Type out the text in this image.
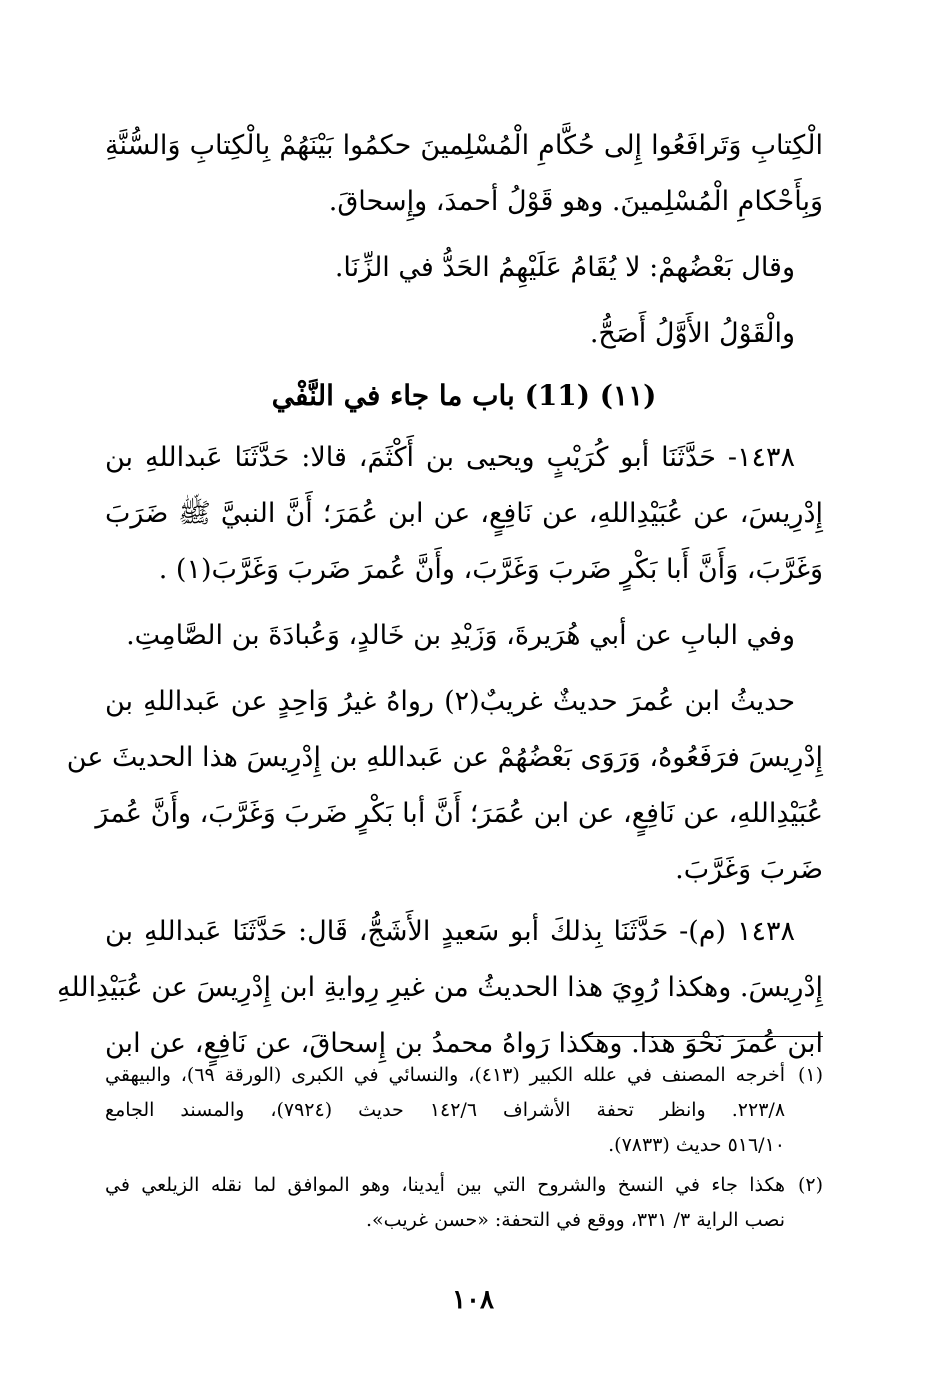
الْكِتابِ وَتَرافَعُوا إِلى حُكَّامِ الْمُسْلِمينَ حكمُوا بَيْنَهُمْ بِالْكِتابِ وَالسُّنَّةِ
وَبِأَحْكامِ الْمُسْلِمينَ. وهو قَوْلُ أحمدَ، وإِسحاقَ.
وقال بَعْضُهمْ: لا يُقَامُ عَلَيْهِمُ الحَدُّ في الزِّنَا.
والْقَوْلُ الأَوَّلُ أَصَحُّ.
(١١) (11) باب ما جاء في النَّفْي
١٤٣٨- حَدَّثَنَا أبو كُرَيْبٍ ويحيى بن أَكْثَمَ، قالا: حَدَّثَنَا عَبداللهِ بن
إِدْرِيسَ، عن عُبَيْدِاللهِ، عن نَافِعٍ، عن ابن عُمَرَ؛ أَنَّ النبيَّ ﷺ ضَرَبَ
وَغَرَّبَ، وَأَنَّ أَبا بَكْرٍ ضَربَ وَغَرَّبَ، وأَنَّ عُمرَ ضَربَ وَغَرَّبَ(١) .
وفي البابِ عن أبي هُرَيرةَ، وَزَيْدِ بن خَالدٍ، وَعُبادَةَ بن الصَّامِتِ.
حديثُ ابن عُمرَ حديثٌ غريبٌ(٢) رواهُ غيرُ وَاحِدٍ عن عَبداللهِ بن
إِدْرِيسَ فرَفَعُوهُ، وَرَوَى بَعْضُهُمْ عن عَبداللهِ بن إِدْرِيسَ هذا الحديثَ عن
عُبَيْدِاللهِ، عن نَافِعٍ، عن ابن عُمَرَ؛ أَنَّ أبا بَكْرٍ ضَربَ وَغَرَّبَ، وأَنَّ عُمرَ
ضَربَ وَغَرَّبَ.
١٤٣٨ (م)- حَدَّثَنَا بِذلكَ أبو سَعيدٍ الأَشَجُّ، قَال: حَدَّثَنَا عَبداللهِ بن
إِدْرِيسَ. وهكذا رُوِيَ هذا الحديثُ من غيرِ رِوايةِ ابن إِدْرِيسَ عن عُبَيْدِاللهِ
ابن عُمرَ نَحْوَ هذا. وهكذا رَواهُ محمدُ بن إِسحاقَ، عن نَافِعٍ، عن ابن
(١)أخرجه المصنف في علله الكبير (٤١٣)، والنسائي في الكبرى (الورقة ٦٩)، والبيهقي
٢٢٣/٨. وانظر تحفة الأشراف ١٤٢/٦ حديث (٧٩٢٤)، والمسند الجامع
٥١٦/١٠ حديث (٧٨٣٣).
(٢)هكذا جاء في النسخ والشروح التي بين أيدينا، وهو الموافق لما نقله الزيلعي في
نصب الراية ٣/ ٣٣١، ووقع في التحفة: «حسن غريب».
١٠٨
